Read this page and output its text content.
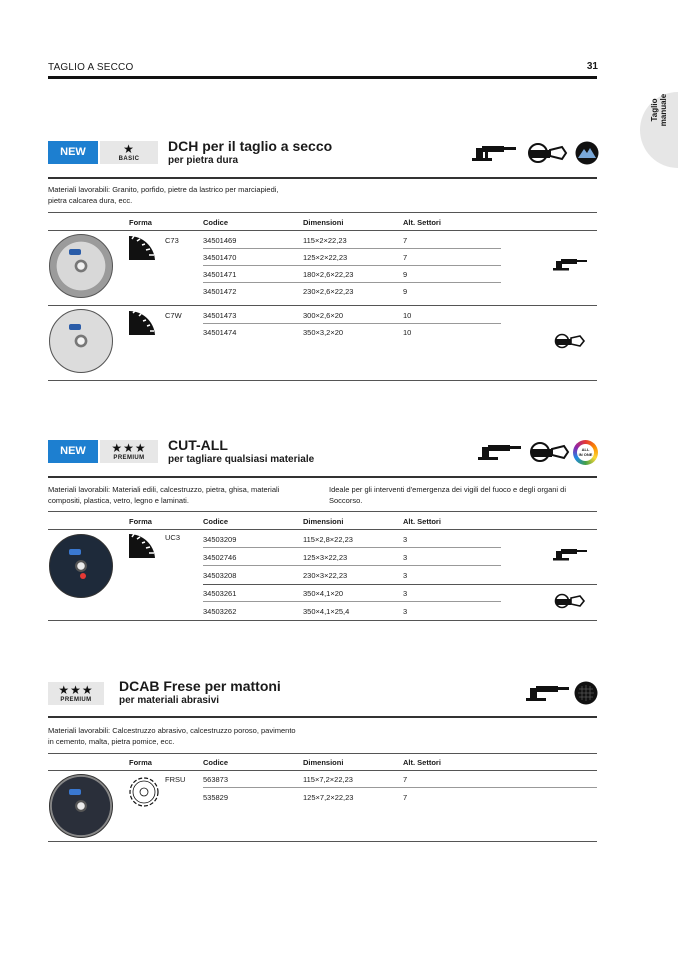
TAGLIO A SECCO	31
Taglio
manuale
NEW	★
BASIC
DCH per il taglio a secco
per pietra dura
Materiali lavorabili: Granito, porfido, pietre da lastrico per marciapiedi,
pietra calcarea dura, ecc.
Forma	Codice	Dimensioni	Alt. Settori
C73	34501469	115×2×22,23	7
34501470	125×2×22,23	7
34501471	180×2,6×22,23	9
34501472	230×2,6×22,23	9
C7W	34501473	300×2,6×20	10
34501474	350×3,2×20	10
NEW	★★★
PREMIUM
CUT-ALL
per tagliare qualsiasi materiale
ALL
IN ONE
Materiali lavorabili: Materiali edili, calcestruzzo, pietra, ghisa, materiali
compositi, plastica, vetro, legno e laminati.
Ideale per gli interventi d'emergenza dei vigili del fuoco e degli organi di
Soccorso.
Forma	Codice	Dimensioni	Alt. Settori
UC3	34503209	115×2,8×22,23	3
34502746	125×3×22,23	3
34503208	230×3×22,23	3
34503261	350×4,1×20	3
34503262	350×4,1×25,4	3
★★★
PREMIUM
DCAB Frese per mattoni
per materiali abrasivi
Materiali lavorabili: Calcestruzzo abrasivo, calcestruzzo poroso, pavimento
in cemento, malta, pietra pomice, ecc.
Forma	Codice	Dimensioni	Alt. Settori
FRSU 563873	115×7,2×22,23	7
535829	125×7,2×22,23	7
